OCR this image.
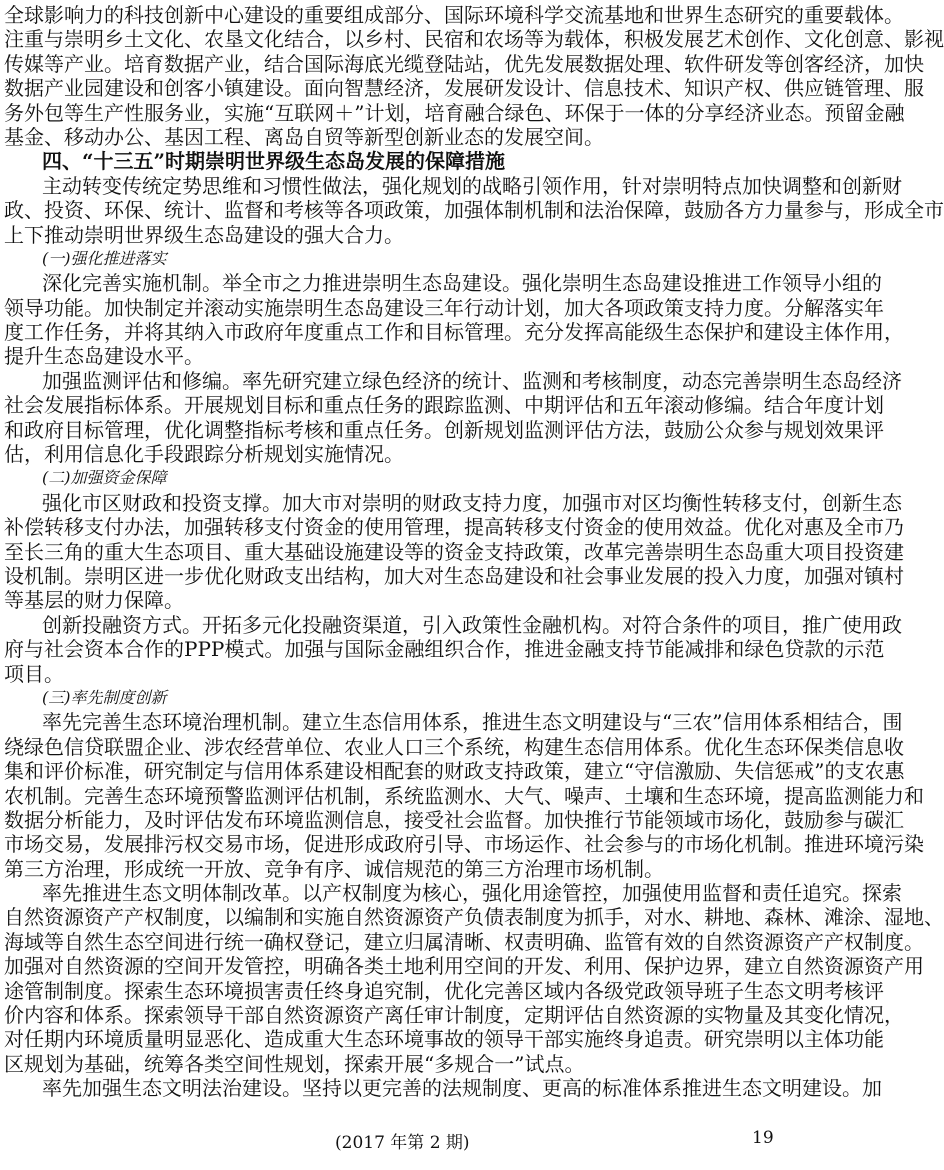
全球影响力的科技创新中心建设的重要组成部分、国际环境科学交流基地和世界生态研究的重要载体。
注重与崇明乡土文化、农垦文化结合，以乡村、民宿和农场等为载体，积极发展艺术创作、文化创意、影视
传媒等产业。培育数据产业，结合国际海底光缆登陆站，优先发展数据处理、软件研发等创客经济，加快
数据产业园建设和创客小镇建设。面向智慧经济，发展研发设计、信息技术、知识产权、供应链管理、服
务外包等生产性服务业，实施“互联网＋”计划，培育融合绿色、环保于一体的分享经济业态。预留金融
基金、移动办公、基因工程、离岛自贸等新型创新业态的发展空间。
四、“十三五”时期崇明世界级生态岛发展的保障措施
主动转变传统定势思维和习惯性做法，强化规划的战略引领作用，针对崇明特点加快调整和创新财
政、投资、环保、统计、监督和考核等各项政策，加强体制机制和法治保障，鼓励各方力量参与，形成全市
上下推动崇明世界级生态岛建设的强大合力。
(一)强化推进落实
深化完善实施机制。举全市之力推进崇明生态岛建设。强化崇明生态岛建设推进工作领导小组的
领导功能。加快制定并滚动实施崇明生态岛建设三年行动计划，加大各项政策支持力度。分解落实年
度工作任务，并将其纳入市政府年度重点工作和目标管理。充分发挥高能级生态保护和建设主体作用，
提升生态岛建设水平。
加强监测评估和修编。率先研究建立绿色经济的统计、监测和考核制度，动态完善崇明生态岛经济
社会发展指标体系。开展规划目标和重点任务的跟踪监测、中期评估和五年滚动修编。结合年度计划
和政府目标管理，优化调整指标考核和重点任务。创新规划监测评估方法，鼓励公众参与规划效果评
估，利用信息化手段跟踪分析规划实施情况。
(二)加强资金保障
强化市区财政和投资支撑。加大市对崇明的财政支持力度，加强市对区均衡性转移支付，创新生态
补偿转移支付办法，加强转移支付资金的使用管理，提高转移支付资金的使用效益。优化对惠及全市乃
至长三角的重大生态项目、重大基础设施建设等的资金支持政策，改革完善崇明生态岛重大项目投资建
设机制。崇明区进一步优化财政支出结构，加大对生态岛建设和社会事业发展的投入力度，加强对镇村
等基层的财力保障。
创新投融资方式。开拓多元化投融资渠道，引入政策性金融机构。对符合条件的项目，推广使用政
府与社会资本合作的PPP模式。加强与国际金融组织合作，推进金融支持节能减排和绿色贷款的示范
项目。
(三)率先制度创新
率先完善生态环境治理机制。建立生态信用体系，推进生态文明建设与“三农”信用体系相结合，围
绕绿色信贷联盟企业、涉农经营单位、农业人口三个系统，构建生态信用体系。优化生态环保类信息收
集和评价标准，研究制定与信用体系建设相配套的财政支持政策，建立“守信激励、失信惩戒”的支农惠
农机制。完善生态环境预警监测评估机制，系统监测水、大气、噪声、土壤和生态环境，提高监测能力和
数据分析能力，及时评估发布环境监测信息，接受社会监督。加快推行节能领域市场化，鼓励参与碳汇
市场交易，发展排污权交易市场，促进形成政府引导、市场运作、社会参与的市场化机制。推进环境污染
第三方治理，形成统一开放、竞争有序、诚信规范的第三方治理市场机制。
率先推进生态文明体制改革。以产权制度为核心，强化用途管控，加强使用监督和责任追究。探索
自然资源资产产权制度，以编制和实施自然资源资产负债表制度为抓手，对水、耕地、森林、滩涂、湿地、
海域等自然生态空间进行统一确权登记，建立归属清晰、权责明确、监管有效的自然资源资产产权制度。
加强对自然资源的空间开发管控，明确各类土地利用空间的开发、利用、保护边界，建立自然资源资产用
途管制制度。探索生态环境损害责任终身追究制，优化完善区域内各级党政领导班子生态文明考核评
价内容和体系。探索领导干部自然资源资产离任审计制度，定期评估自然资源的实物量及其变化情况，
对任期内环境质量明显恶化、造成重大生态环境事故的领导干部实施终身追责。研究崇明以主体功能
区规划为基础，统筹各类空间性规划，探索开展“多规合一”试点。
率先加强生态文明法治建设。坚持以更完善的法规制度、更高的标准体系推进生态文明建设。加
(2017 年第 2 期)	19
